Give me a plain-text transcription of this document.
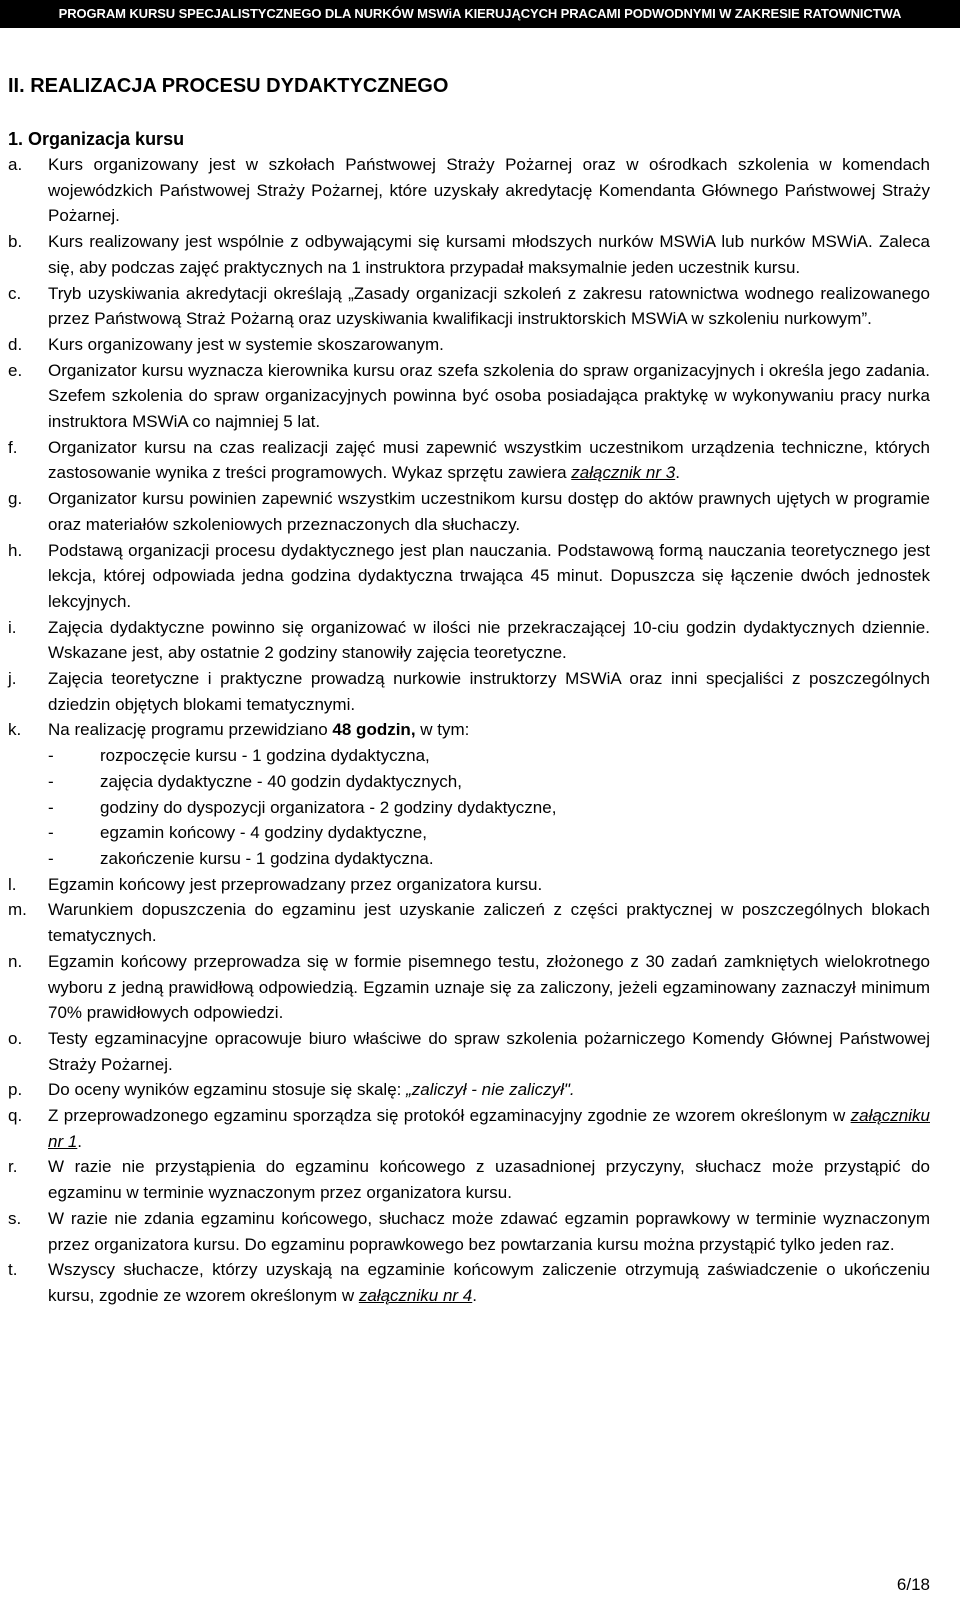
PROGRAM KURSU SPECJALISTYCZNEGO DLA NURKÓW MSWiA KIERUJĄCYCH PRACAMI PODWODNYMI W ZAKRESIE RATOWNICTWA
II. REALIZACJA PROCESU DYDAKTYCZNEGO
1. Organizacja kursu
a.	Kurs organizowany jest w szkołach Państwowej Straży Pożarnej oraz w ośrodkach szkolenia w komendach wojewódzkich Państwowej Straży Pożarnej, które uzyskały akredytację Komendanta Głównego Państwowej Straży Pożarnej.
b.	Kurs realizowany jest wspólnie z odbywającymi się kursami młodszych nurków MSWiA lub nurków MSWiA. Zaleca się, aby podczas zajęć praktycznych na 1 instruktora przypadał maksymalnie jeden uczestnik kursu.
c.	Tryb uzyskiwania akredytacji określają „Zasady organizacji szkoleń z zakresu ratownictwa wodnego realizowanego przez Państwową Straż Pożarną oraz uzyskiwania kwalifikacji instruktorskich MSWiA w szkoleniu nurkowym”.
d.	Kurs organizowany jest w systemie skoszarowanym.
e.	Organizator kursu wyznacza kierownika kursu oraz szefa szkolenia do spraw organizacyjnych i określa jego zadania. Szefem szkolenia do spraw organizacyjnych powinna być osoba posiadająca praktykę w wykonywaniu pracy nurka instruktora MSWiA co najmniej 5 lat.
f.	Organizator kursu na czas realizacji zajęć musi zapewnić wszystkim uczestnikom urządzenia techniczne, których zastosowanie wynika z treści programowych. Wykaz sprzętu zawiera załącznik nr 3.
g.	Organizator kursu powinien zapewnić wszystkim uczestnikom kursu dostęp do aktów prawnych ujętych w programie oraz materiałów szkoleniowych przeznaczonych dla słuchaczy.
h.	Podstawą organizacji procesu dydaktycznego jest plan nauczania. Podstawową formą nauczania teoretycznego jest lekcja, której odpowiada jedna godzina dydaktyczna trwająca 45 minut. Dopuszcza się łączenie dwóch jednostek lekcyjnych.
i.	Zajęcia dydaktyczne powinno się organizować w ilości nie przekraczającej 10-ciu godzin dydaktycznych dziennie. Wskazane jest, aby ostatnie 2 godziny stanowiły zajęcia teoretyczne.
j.	Zajęcia teoretyczne i praktyczne prowadzą nurkowie instruktorzy MSWiA oraz inni specjaliści z poszczególnych dziedzin objętych blokami tematycznymi.
k.	Na realizację programu przewidziano 48 godzin, w tym:
-	rozpoczęcie kursu - 1 godzina dydaktyczna,
-	zajęcia dydaktyczne - 40 godzin dydaktycznych,
-	godziny do dyspozycji organizatora - 2 godziny dydaktyczne,
-	egzamin końcowy - 4 godziny dydaktyczne,
-	zakończenie kursu - 1 godzina dydaktyczna.
l.	Egzamin końcowy jest przeprowadzany przez organizatora kursu.
m.	Warunkiem dopuszczenia do egzaminu jest uzyskanie zaliczeń z części praktycznej w poszczególnych blokach tematycznych.
n.	Egzamin końcowy przeprowadza się w formie pisemnego testu, złożonego z 30 zadań zamkniętych wielokrotnego wyboru z jedną prawidłową odpowiedzią. Egzamin uznaje się za zaliczony, jeżeli egzaminowany zaznaczył minimum 70% prawidłowych odpowiedzi.
o.	Testy egzaminacyjne opracowuje biuro właściwe do spraw szkolenia pożarniczego Komendy Głównej Państwowej Straży Pożarnej.
p.	Do oceny wyników egzaminu stosuje się skalę: „zaliczył - nie zaliczył".
q.	Z przeprowadzonego egzaminu sporządza się protokół egzaminacyjny zgodnie ze wzorem określonym w załączniku nr 1.
r.	W razie nie przystąpienia do egzaminu końcowego z uzasadnionej przyczyny, słuchacz może przystąpić do egzaminu w terminie wyznaczonym przez organizatora kursu.
s.	W razie nie zdania egzaminu końcowego, słuchacz może zdawać egzamin poprawkowy w terminie wyznaczonym przez organizatora kursu. Do egzaminu poprawkowego bez powtarzania kursu można przystąpić tylko jeden raz.
t.	Wszyscy słuchacze, którzy uzyskają na egzaminie końcowym zaliczenie otrzymują zaświadczenie o ukończeniu kursu, zgodnie ze wzorem określonym w załączniku nr 4.
6/18
